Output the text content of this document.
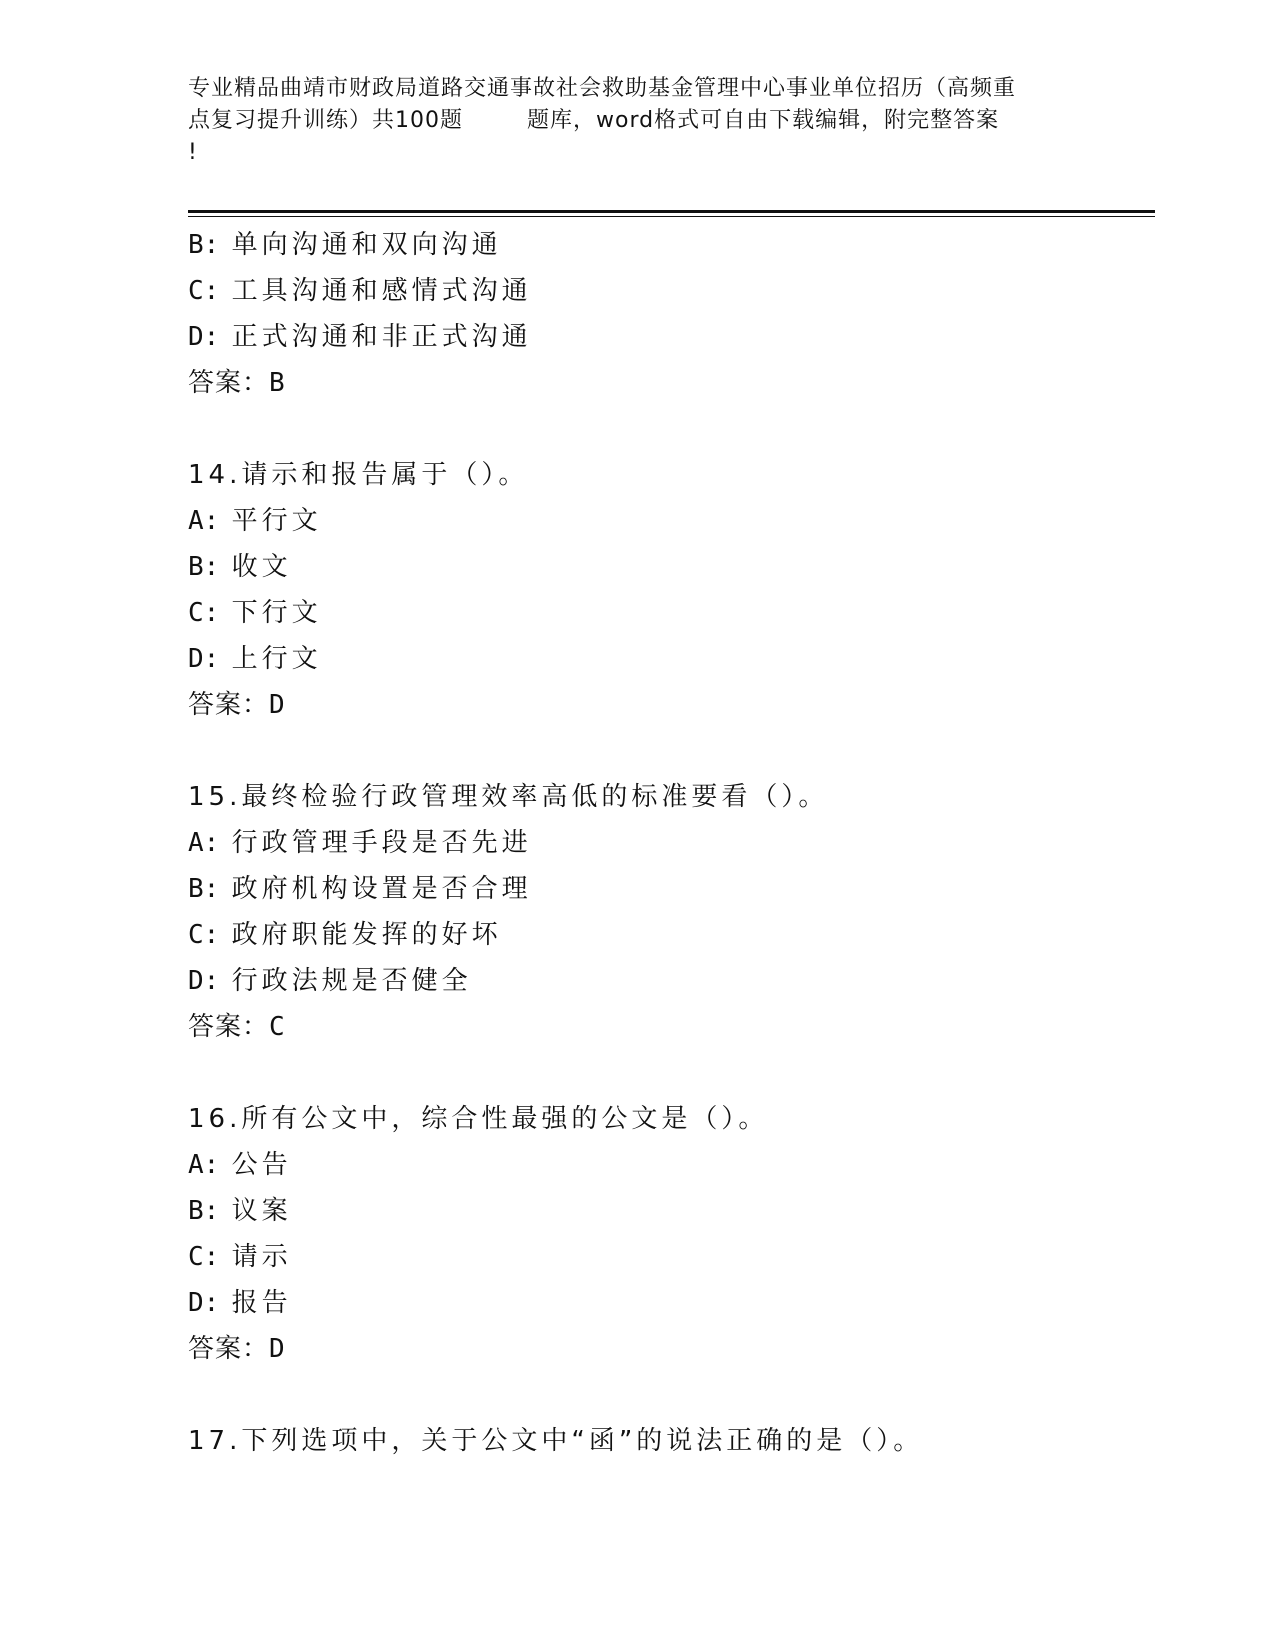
专业精品曲靖市财政局道路交通事故社会救助基金管理中心事业单位招历（高频重
点复习提升训练）共100题	题库，word格式可自由下载编辑，附完整答案
!
B: 单向沟通和双向沟通
C: 工具沟通和感情式沟通
D: 正式沟通和非正式沟通
答案：B
14.请示和报告属于（）。
A: 平行文
B: 收文
C: 下行文
D: 上行文
答案：D
15.最终检验行政管理效率高低的标准要看（）。
A: 行政管理手段是否先进
B: 政府机构设置是否合理
C: 政府职能发挥的好坏
D: 行政法规是否健全
答案：C
16.所有公文中，综合性最强的公文是（）。
A: 公告
B: 议案
C: 请示
D: 报告
答案：D
17.下列选项中，关于公文中“函”的说法正确的是（）。
